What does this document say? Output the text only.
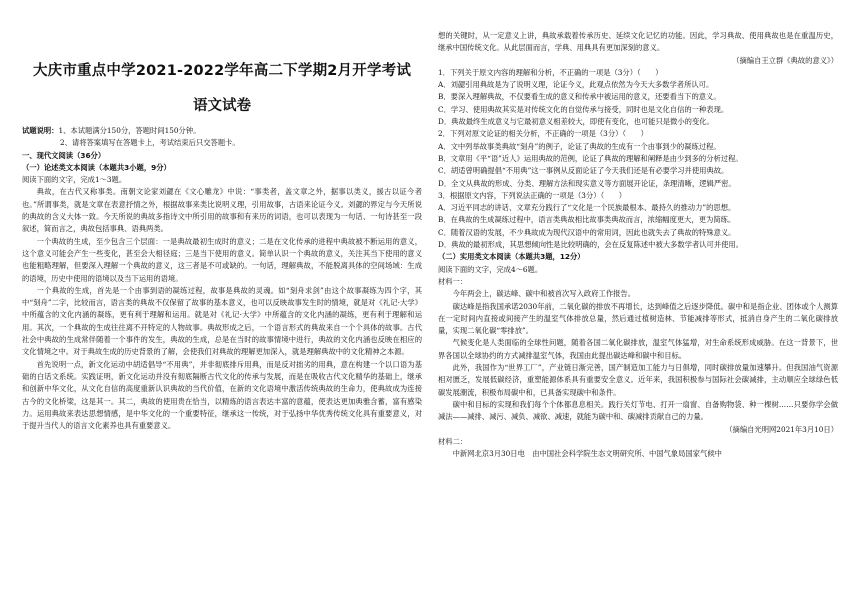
大庆市重点中学2021-2022学年高二下学期2月开学考试
语文试卷

试题说明：1、本试题满分150分，答题时间150分钟。

2、请将答案填写在答题卡上，考试结束后只交答题卡。

一、现代文阅读（36分）

（一）论述类文本阅读（本题共3小题，9分）

阅读下面的文字，完成1～3题。

典故，在古代又称事类。南朝文论家刘勰在《文心雕龙》中说：“事类者，盖文章之外，据事以类义，援古以证今者也。”所谓事类，就是文章在表意抒情之外，根据故事来类比说明义理，引用故事，古语来论证今义。刘勰的界定与今天所说的典故的含义大体一致。今天所说的典故多指诗文中所引用的故事和有来历的词语，也可以表现为一句话、一句诗甚至一段叙述，简而言之，典故包括事典、语典两类。

一个典故的生成，至少包含三个层面：一是典故最初生成时的意义；二是在文化传承的进程中典故被不断运用的意义，这个意义可能会产生一些变化，甚至会大相径庭；三是当下使用的意义。简单认识一个典故的意义，关注其当下使用的意义也能粗略理解，但要深入理解一个典故的意义，这三者是不可或缺的。一句话，理解典故，不能脱离具体的空间场域：生成的语境，历史中使用的语境以及当下运用的语境。

一个典故的生成，首先是一个由事到语的凝练过程，故事是典故的灵魂。如“刻舟求剑”由这个故事凝练为四个字，其中“刻舟”二字，比较而言，语言类的典故不仅保留了故事的基本意义，也可以反映故事发生时的情境，就是对《礼记·大学》中所蕴含的文化内涵的凝练，更有利于理解和运用。就是对《礼记·大学》中所蕴含的文化内涵的凝练，更有利于理解和运用。其次，一个典故的生成往往离不开特定的人物故事。典故形成之后，一个语言形式的典故来自一个个具体的故事。古代社会中典故的生成常伴随着一个事件的发生，典故的生成，总是在当时的故事情境中进行，典故的文化内涵也反映在相应的文化情境之中。对于典故生成的历史背景的了解，会使我们对典故的理解更加深入，就是理解典故中的文化精神之本源。

首先说明一点，新文化运动中胡适倡导“不用典”，并非彻底排斥用典，而是反对拙劣的用典，意在构建一个以口语为基础的白话文系统。实践证明，新文化运动并没有彻底隔断古代文化的传承与发展，而是在吸收古代文化精华的基础上，继承和创新中华文化，从文化自信的高度重新认识典故的当代价值，在新的文化语境中激活传统典故的生命力，使典故成为连接古今的文化桥梁，这是其一。其二，典故的使用贵在恰当，以精炼的语言表达丰富的意蕴，使表达更加典雅含蓄，富有感染力。运用典故来表达思想情感，是中华文化的一个重要特征，继承这一传统，对于弘扬中华优秀传统文化具有重要意义，对于提升当代人的语言文化素养也具有重要意义。

想的关键时，从一定意义上讲，典故承载着传承历史、延续文化记忆的功能。因此，学习典故、使用典故也是在重温历史，继承中国传统文化。从此层面而言，学典、用典具有更加深刻的意义。

（摘编自王立群《典故的意义》）

1．下列关于原文内容的理解和分析，不正确的一项是（3分）（　　）

A．刘勰引用典故是为了说明义理，论证今义，此观点依然为今天大多数学者所认可。

B．要深入理解典故，不仅要看生成的意义和传承中被运用的意义，还要看当下的意义。

C．学习、使用典故其实是对传统文化的自觉传承与接受，同时也是文化自信的一种表现。

D．典故最终生成意义与它最初意义相差较大，即使有变化，也可能只是微小的变化。

2．下列对原文论证的相关分析，不正确的一项是（3分）（　　）

A．文中列举故事类典故“刻舟”的例子，论证了典故的生成有一个由事到少的凝练过程。

B．文章用《平“语”近人》运用典故的范例，论证了典故的理解和阐释是由少到多的分析过程。

C．胡适曾明确提倡“不用典”这一事例从反面论证了今天我们还是有必要学习并使用典故。

D．全文从典故的形成、分类、理解方法和现实意义等方面展开论证，条理清晰，逻辑严密。

3．根据原文内容，下列说法正确的一项是（3分）（　　）

A．习近平同志的讲话、文章充分践行了“文化是一个民族最根本、最持久的推动力”的思想。

B．在典故的生成凝练过程中，语言类典故相比故事类典故而言，浓缩幅度更大，更为简练。

C．随着汉语的发展，不少典故成为现代汉语中的常用词，因此也就失去了典故的特殊意义。

D．典故的最初形成，其思想倾向性是比较明确的，会在反复陈述中被大多数学者认可并使用。

（二）实用类文本阅读（本题共3题，12分）

阅读下面的文字，完成4～6题。

材料一：

今年两会上，碳达峰、碳中和被首次写入政府工作报告。

碳达峰是指我国承诺2030年前，二氧化碳的排放不再增长，达到峰值之后逐步降低。碳中和是指企业、团体或个人测算在一定时间内直接或间接产生的温室气体排放总量，然后通过植树造林、节能减排等形式，抵消自身产生的二氧化碳排放量，实现二氧化碳“零排放”。

气候变化是人类面临的全球性问题，随着各国二氧化碳排放，温室气体猛增，对生命系统形成威胁。在这一背景下，世界各国以全球协约的方式减排温室气体，我国由此提出碳达峰和碳中和目标。

此外，我国作为“世界工厂”，产业链日渐完善，国产制造加工能力与日俱增，同时碳排放量加速攀升。但我国油气资源相对匮乏，发展低碳经济，重塑能源体系具有重要安全意义。近年来，我国积极参与国际社会碳减排，主动顺应全球绿色低碳发展潮流，积极布局碳中和，已具备实现碳中和条件。

碳中和目标的实现和我们每个个体都息息相关。践行关灯节电、打开一扇窗、自备购物袋、种一棵树……只要你学会做减法——减排、减污、减负、减欲、减速，就能为碳中和、碳减排贡献自己的力量。

（摘编自光明网2021年3月10日）

材料二：

中新网北京3月30日电　由中国社会科学院生态文明研究所、中国气象局国家气候中
